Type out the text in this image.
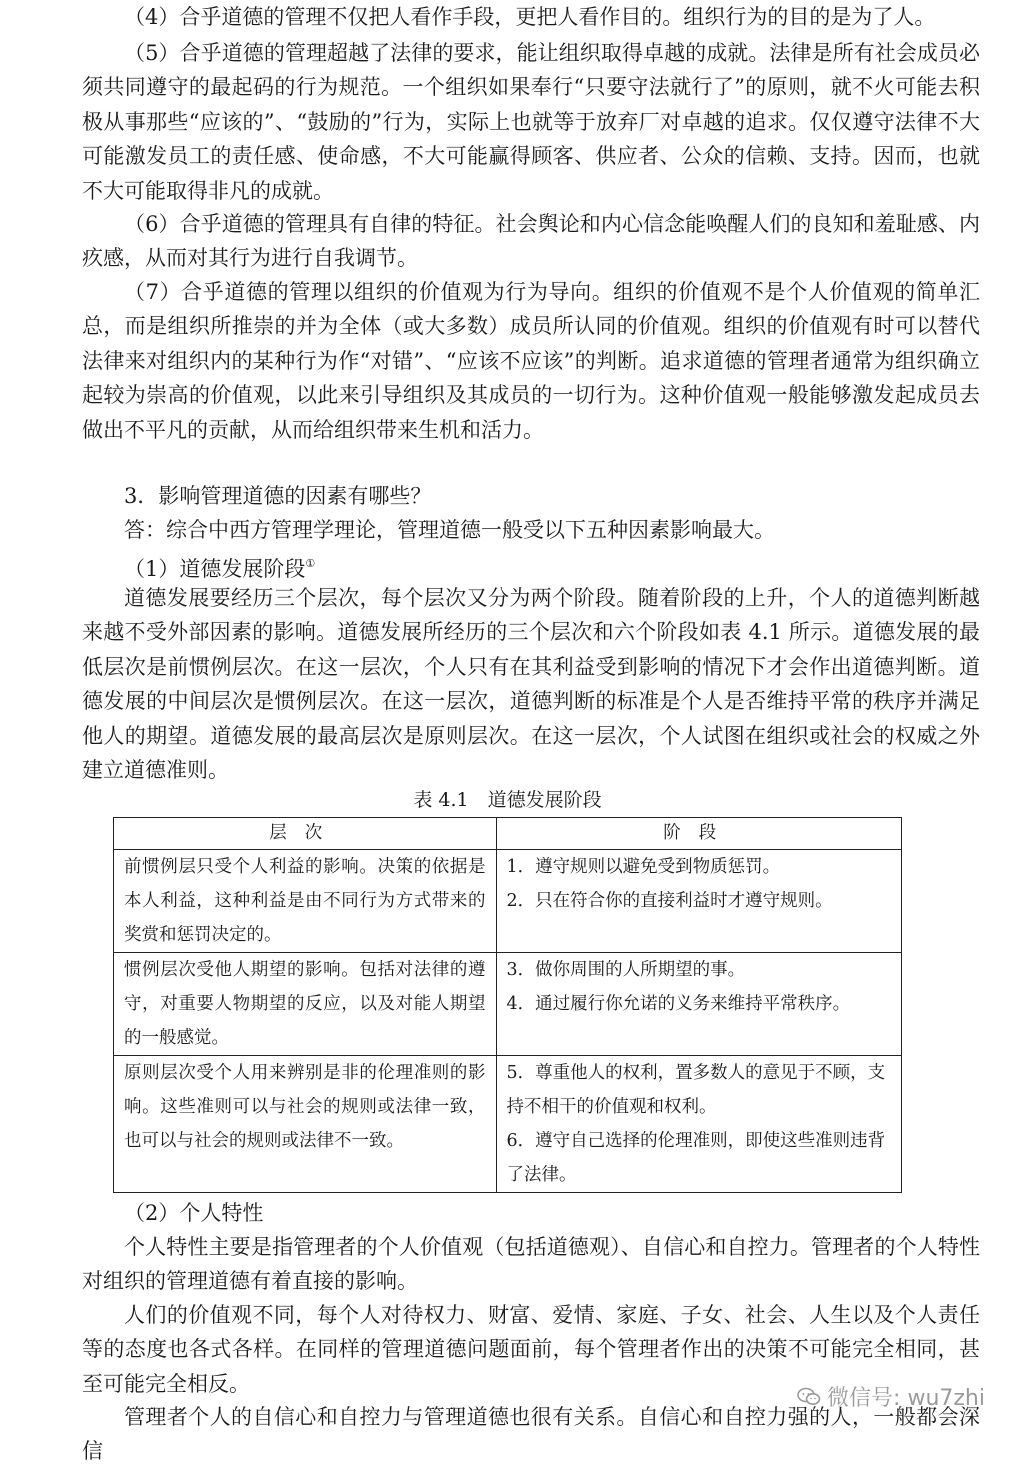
（4）合乎道德的管理不仅把人看作手段，更把人看作目的。组织行为的目的是为了人。

（5）合乎道德的管理超越了法律的要求，能让组织取得卓越的成就。法律是所有社会成员必须共同遵守的最起码的行为规范。一个组织如果奉行“只要守法就行了”的原则，就不火可能去积极从事那些“应该的”、“鼓励的”行为，实际上也就等于放弃厂对卓越的追求。仅仅遵守法律不大可能激发员工的责任感、使命感，不大可能赢得顾客、供应者、公众的信赖、支持。因而，也就不大可能取得非凡的成就。

（6）合乎道德的管理具有自律的特征。社会舆论和内心信念能唤醒人们的良知和羞耻感、内疚感，从而对其行为进行自我调节。

（7）合乎道德的管理以组织的价值观为行为导向。组织的价值观不是个人价值观的简单汇总，而是组织所推崇的并为全体（或大多数）成员所认同的价值观。组织的价值观有时可以替代法律来对组织内的某种行为作“对错”、“应该不应该”的判断。追求道德的管理者通常为组织确立起较为崇高的价值观，以此来引导组织及其成员的一切行为。这种价值观一般能够激发起成员去做出不平凡的贡献，从而给组织带来生机和活力。

3．影响管理道德的因素有哪些？

答：综合中西方管理学理论，管理道德一般受以下五种因素影响最大。

（1）道德发展阶段①

道德发展要经历三个层次，每个层次又分为两个阶段。随着阶段的上升，个人的道德判断越来越不受外部因素的影响。道德发展所经历的三个层次和六个阶段如表 4.1 所示。道德发展的最低层次是前惯例层次。在这一层次，个人只有在其利益受到影响的情况下才会作出道德判断。道德发展的中间层次是惯例层次。在这一层次，道德判断的标准是个人是否维持平常的秩序并满足他人的期望。道德发展的最高层次是原则层次。在这一层次，个人试图在组织或社会的权威之外建立道德准则。

表 4.1　道德发展阶段
层次	阶段
前惯例层只受个人利益的影响。决策的依据是本人利益，这种利益是由不同行为方式带来的奖赏和惩罚决定的。	1．遵守规则以避免受到物质惩罚。
2．只在符合你的直接利益时才遵守规则。

惯例层次受他人期望的影响。包括对法律的遵守，对重要人物期望的反应，以及对能人期望的一般感觉。	3．做你周围的人所期望的事。
4．通过履行你允诺的义务来维持平常秩序。

原则层次受个人用来辨别是非的伦理准则的影响。这些准则可以与社会的规则或法律一致，也可以与社会的规则或法律不一致。	5．尊重他人的权利，置多数人的意见于不顾，支持不相干的价值观和权利。
6．遵守自己选择的伦理准则，即使这些准则违背了法律。

（2）个人特性

个人特性主要是指管理者的个人价值观（包括道德观）、自信心和自控力。管理者的个人特性对组织的管理道德有着直接的影响。

人们的价值观不同，每个人对待权力、财富、爱情、家庭、子女、社会、人生以及个人责任等的态度也各式各样。在同样的管理道德问题面前，每个管理者作出的决策不可能完全相同，甚至可能完全相反。

管理者个人的自信心和自控力与管理道德也很有关系。自信心和自控力强的人，一般都会深信

微信号: wu7zhi
